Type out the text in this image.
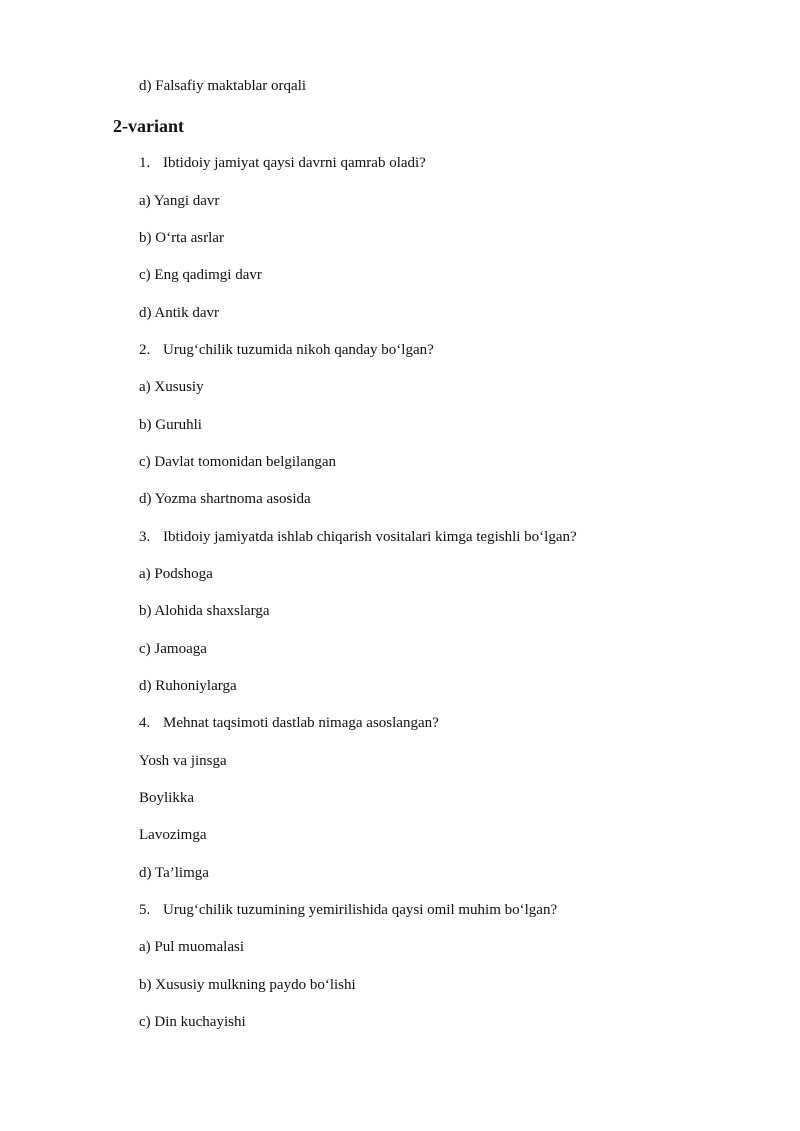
d) Falsafiy maktablar orqali
2-variant
1. Ibtidoiy jamiyat qaysi davrni qamrab oladi?
a) Yangi davr
b) O‘rta asrlar
c) Eng qadimgi davr
d) Antik davr
2. Urug‘chilik tuzumida nikoh qanday bo‘lgan?
a) Xususiy
b) Guruhli
c) Davlat tomonidan belgilangan
d) Yozma shartnoma asosida
3. Ibtidoiy jamiyatda ishlab chiqarish vositalari kimga tegishli bo‘lgan?
a) Podshoga
b) Alohida shaxslarga
c) Jamoaga
d) Ruhoniylarga
4. Mehnat taqsimoti dastlab nimaga asoslangan?
Yosh va jinsga
Boylikka
Lavozimga
d) Ta’limga
5. Urug‘chilik tuzumining yemirilishida qaysi omil muhim bo‘lgan?
a) Pul muomalasi
b) Xususiy mulkning paydo bo‘lishi
c) Din kuchayishi
